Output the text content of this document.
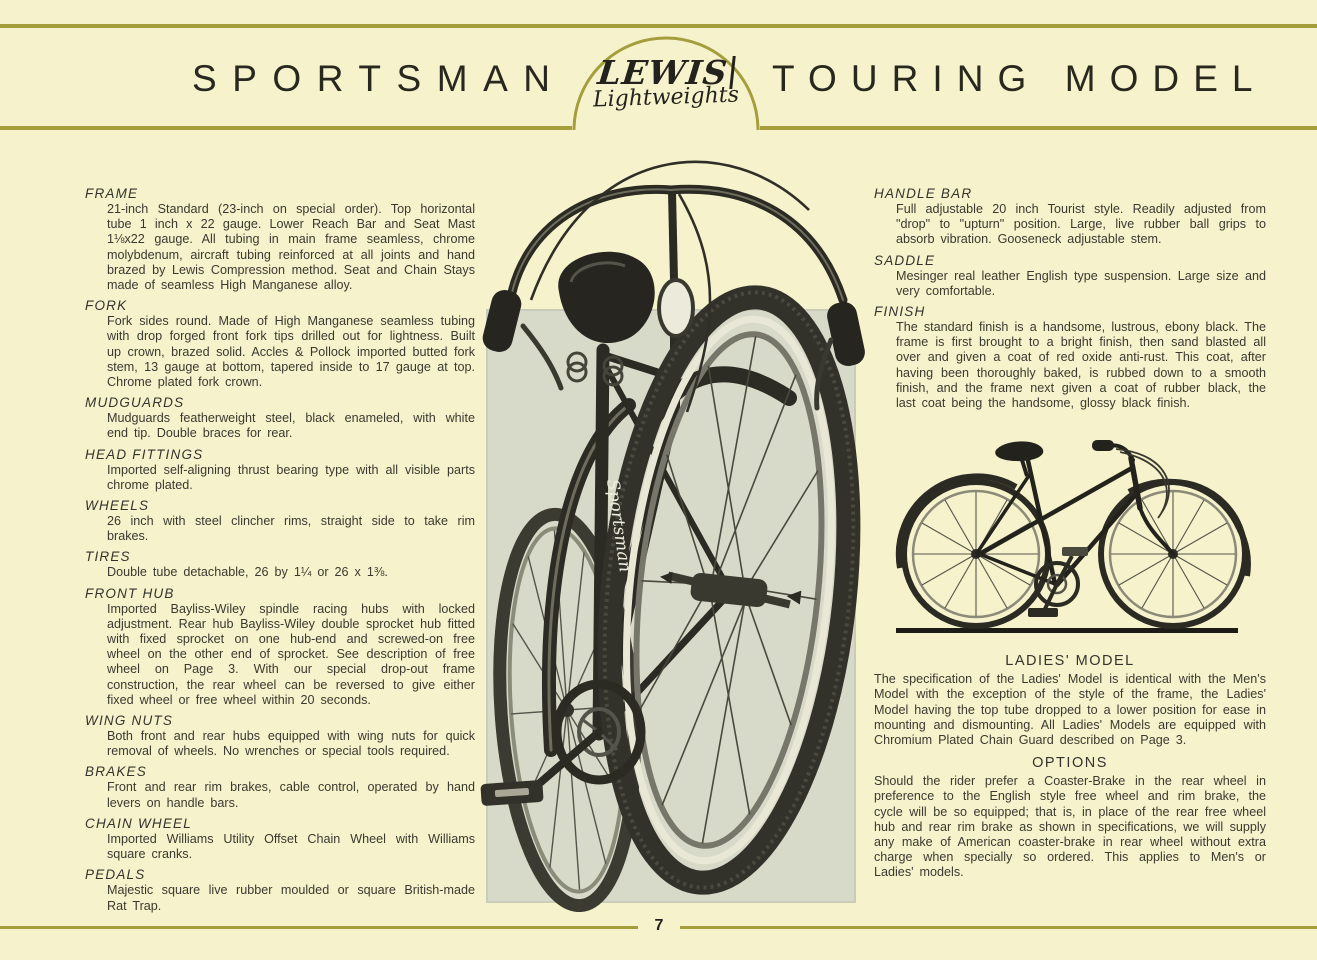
SPORTSMAN	TOURING MODEL
LEWIS
Lightweights
FRAME
21-inch Standard (23-inch on special order). Top horizontal tube 1 inch x 22 gauge. Lower Reach Bar and Seat Mast 1⅛x22 gauge. All tubing in main frame seamless, chrome molybdenum, aircraft tubing reinforced at all joints and hand brazed by Lewis Compression method. Seat and Chain Stays made of seamless High Manganese alloy.
FORK
Fork sides round. Made of High Manganese seamless tubing with drop forged front fork tips drilled out for lightness. Built up crown, brazed solid. Accles & Pollock imported butted fork stem, 13 gauge at bottom, tapered inside to 17 gauge at top. Chrome plated fork crown.
MUDGUARDS
Mudguards featherweight steel, black enameled, with white end tip. Double braces for rear.
HEAD FITTINGS
Imported self-aligning thrust bearing type with all visible parts chrome plated.
WHEELS
26 inch with steel clincher rims, straight side to take rim brakes.
TIRES
Double tube detachable, 26 by 1¼ or 26 x 1⅜.
FRONT HUB
Imported Bayliss-Wiley spindle racing hubs with locked adjustment. Rear hub Bayliss-Wiley double sprocket hub fitted with fixed sprocket on one hub-end and screwed-on free wheel on the other end of sprocket. See description of free wheel on Page 3. With our special drop-out frame construction, the rear wheel can be reversed to give either fixed wheel or free wheel within 20 seconds.
WING NUTS
Both front and rear hubs equipped with wing nuts for quick removal of wheels. No wrenches or special tools required.
BRAKES
Front and rear rim brakes, cable control, operated by hand levers on handle bars.
CHAIN WHEEL
Imported Williams Utility Offset Chain Wheel with Williams square cranks.
PEDALS
Majestic square live rubber moulded or square British-made Rat Trap.
Sportsman
HANDLE BAR
Full adjustable 20 inch Tourist style. Readily adjusted from "drop" to "upturn" position. Large, live rubber ball grips to absorb vibration. Gooseneck adjustable stem.
SADDLE
Mesinger real leather English type suspension. Large size and very comfortable.
FINISH
The standard finish is a handsome, lustrous, ebony black. The frame is first brought to a bright finish, then sand blasted all over and given a coat of red oxide anti-rust. This coat, after having been thoroughly baked, is rubbed down to a smooth finish, and the frame next given a coat of rubber black, the last coat being the handsome, glossy black finish.
LADIES' MODEL
The specification of the Ladies' Model is identical with the Men's Model with the exception of the style of the frame, the Ladies' Model having the top tube dropped to a lower position for ease in mounting and dismounting. All Ladies' Models are equipped with Chromium Plated Chain Guard described on Page 3.
OPTIONS
Should the rider prefer a Coaster-Brake in the rear wheel in preference to the English style free wheel and rim brake, the cycle will be so equipped; that is, in place of the rear free wheel hub and rear rim brake as shown in specifications, we will supply any make of American coaster-brake in rear wheel without extra charge when specially so ordered. This applies to Men's or Ladies' models.
7
